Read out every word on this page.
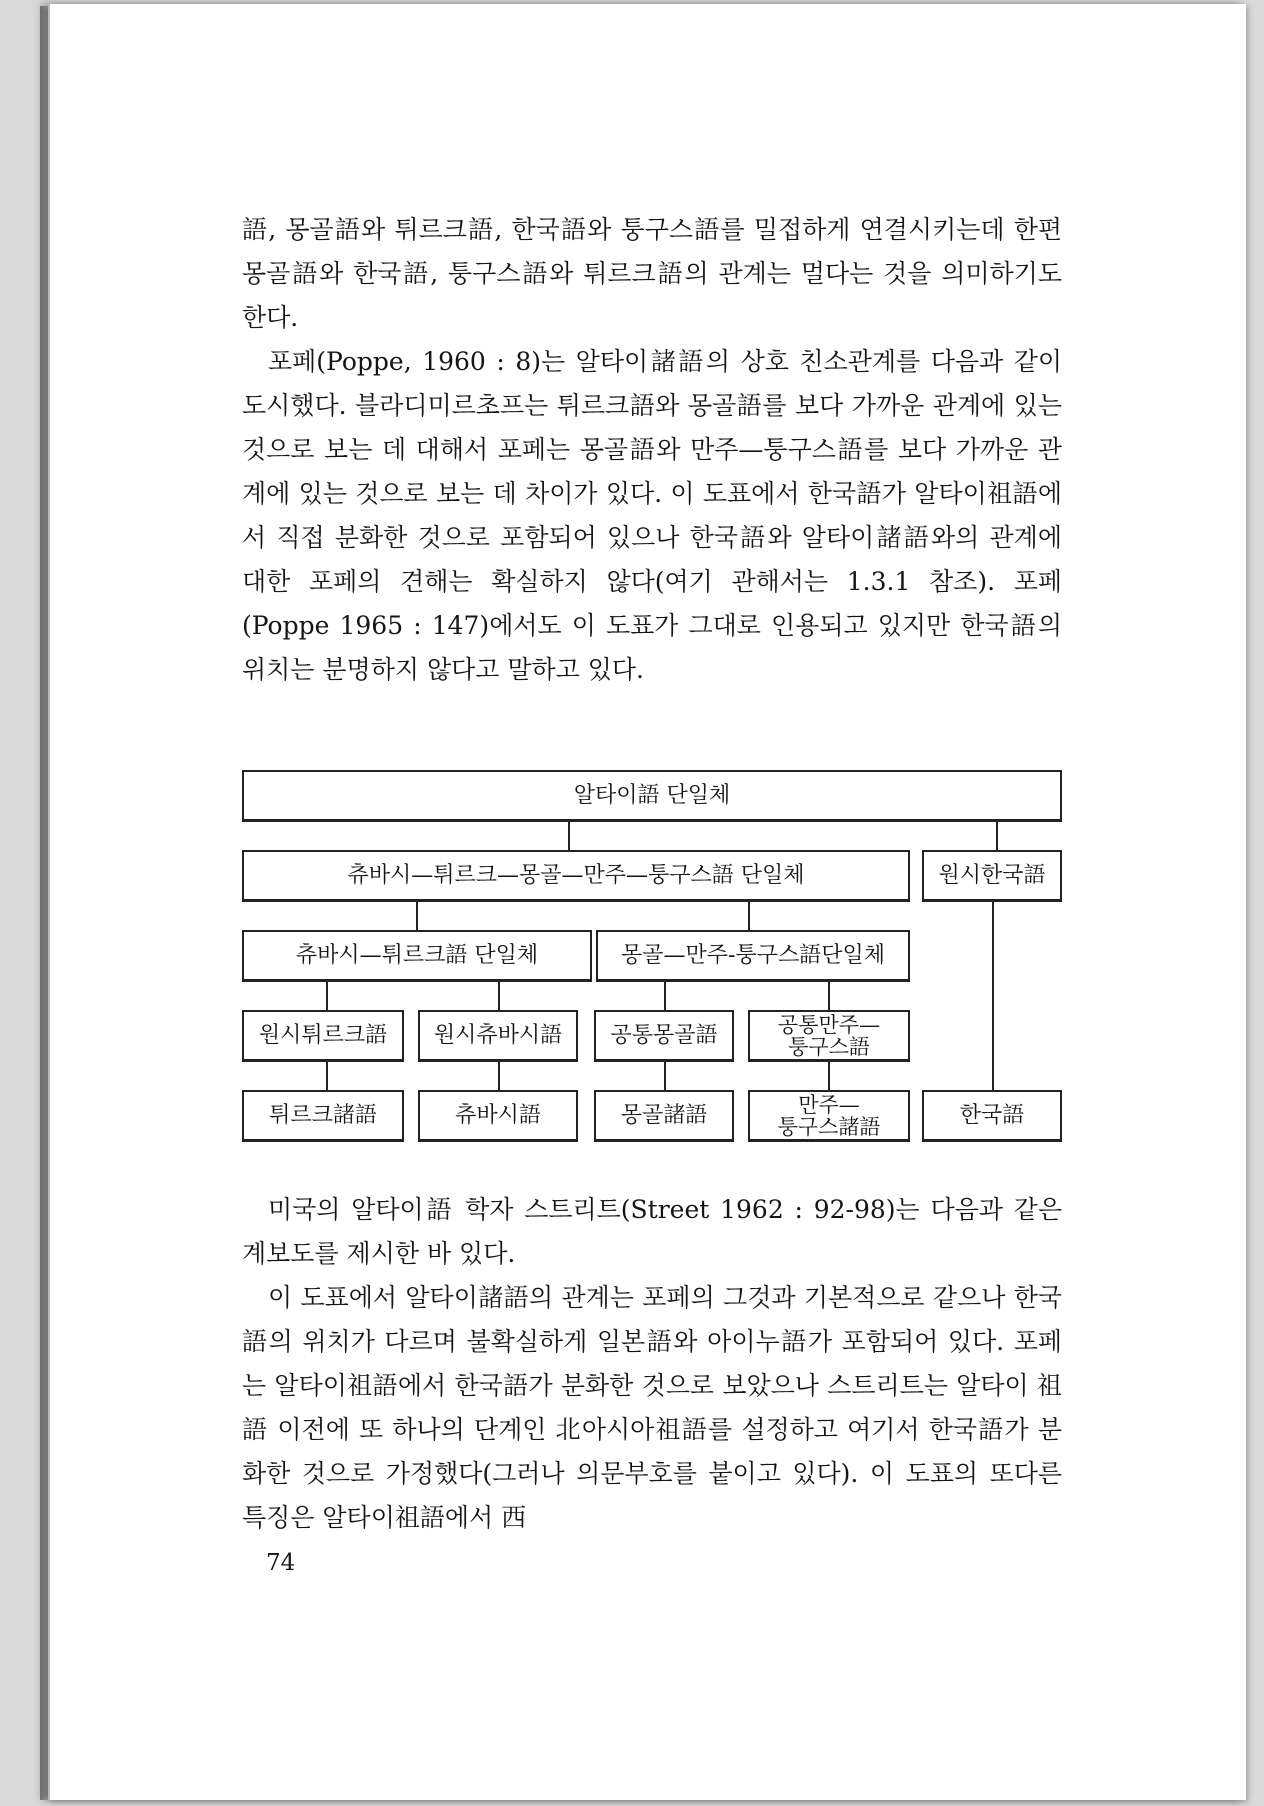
語, 몽골語와 튀르크語, 한국語와 퉁구스語를 밀접하게 연결시키는데 한편 몽골語와 한국語, 퉁구스語와 튀르크語의 관계는 멀다는 것을 의미하기도 한다.

포페(Poppe, 1960 : 8)는 알타이諸語의 상호 친소관계를 다음과 같이 도시했다. 블라디미르초프는 튀르크語와 몽골語를 보다 가까운 관계에 있는 것으로 보는 데 대해서 포페는 몽골語와 만주—퉁구스語를 보다 가까운 관계에 있는 것으로 보는 데 차이가 있다. 이 도표에서 한국語가 알타이祖語에서 직접 분화한 것으로 포함되어 있으나 한국語와 알타이諸語와의 관계에 대한 포페의 견해는 확실하지 않다(여기 관해서는 1.3.1 참조). 포페(Poppe 1965 : 147)에서도 이 도표가 그대로 인용되고 있지만 한국語의 위치는 분명하지 않다고 말하고 있다.

알타이語 단일체
츄바시—튀르크—몽골—만주—퉁구스語 단일체	원시한국語
츄바시—튀르크語 단일체	몽골—만주-퉁구스語단일체
원시튀르크語	원시츄바시語	공통몽골語	공통만주—
퉁구스語
튀르크諸語	츄바시語	몽골諸語	만주—
퉁구스諸語	한국語

미국의 알타이語 학자 스트리트(Street 1962 : 92-98)는 다음과 같은 계보도를 제시한 바 있다.

이 도표에서 알타이諸語의 관계는 포페의 그것과 기본적으로 같으나 한국語의 위치가 다르며 불확실하게 일본語와 아이누語가 포함되어 있다. 포페는 알타이祖語에서 한국語가 분화한 것으로 보았으나 스트리트는 알타이 祖語 이전에 또 하나의 단계인 北아시아祖語를 설정하고 여기서 한국語가 분화한 것으로 가정했다(그러나 의문부호를 붙이고 있다). 이 도표의 또다른 특징은 알타이祖語에서 西

74
